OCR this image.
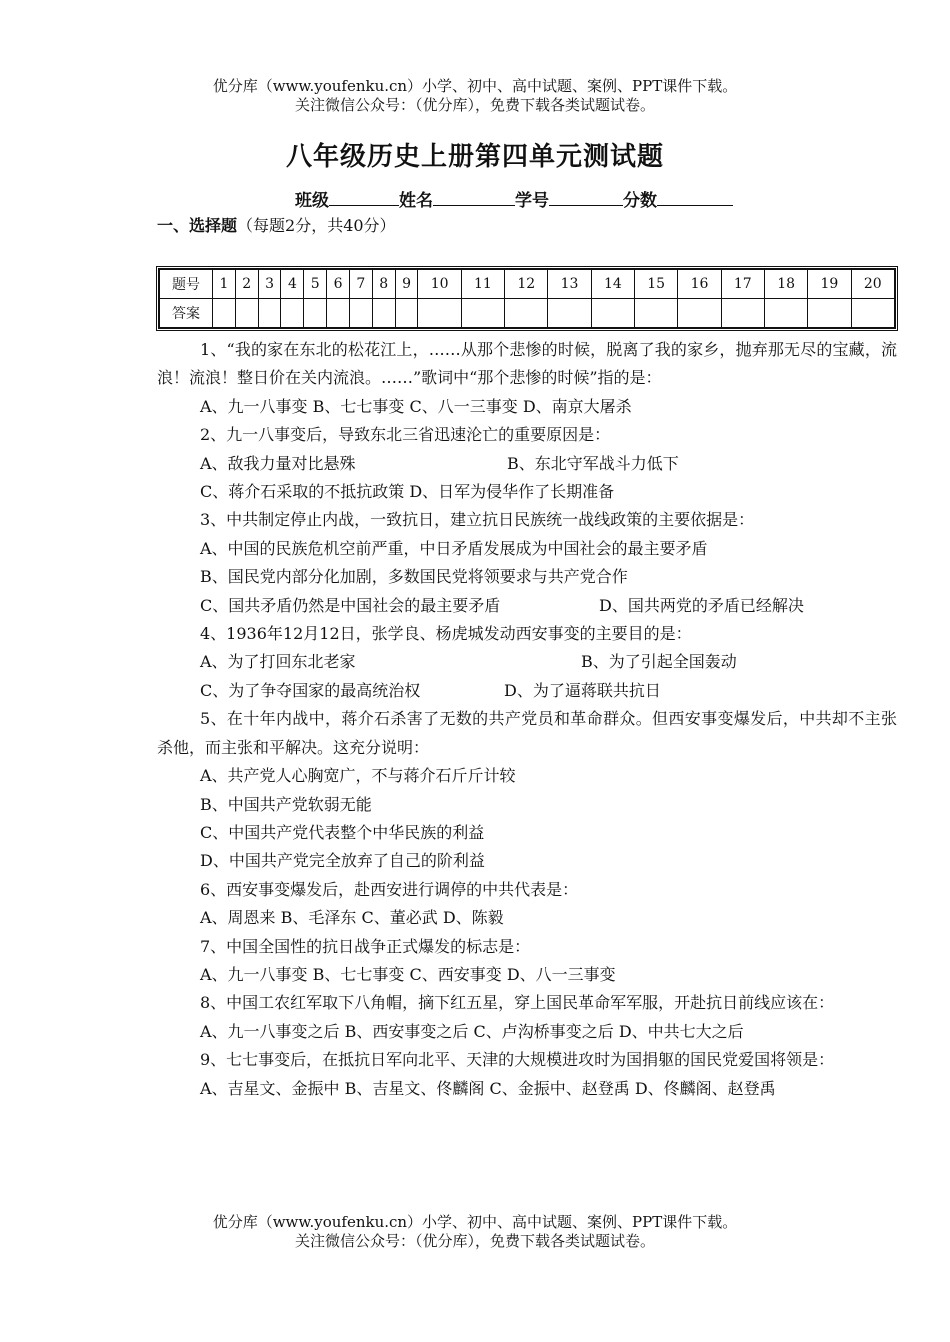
优分库（www.youfenku.cn）小学、初中、高中试题、案例、PPT课件下载。
关注微信公众号：（优分库），免费下载各类试题试卷。
八年级历史上册第四单元测试题
班级	姓名	学号	分数
一、选择题（每题2分，共40分）
题号	1	2	3	4	5	6	7	8	9	10	11	12	13	14	15	16	17	18	19	20
答案																				
1、“我的家在东北的松花江上，……从那个悲惨的时候，脱离了我的家乡，抛弃那无尽的宝藏，流浪！流浪！整日价在关内流浪。……”歌词中“那个悲惨的时候”指的是：
A、九一八事变 B、七七事变 C、八一三事变 D、南京大屠杀
2、九一八事变后，导致东北三省迅速沦亡的重要原因是：
A、敌我力量对比悬殊	B、东北守军战斗力低下
C、蒋介石采取的不抵抗政策 D、日军为侵华作了长期准备
3、中共制定停止内战，一致抗日，建立抗日民族统一战线政策的主要依据是：
A、中国的民族危机空前严重，中日矛盾发展成为中国社会的最主要矛盾
B、国民党内部分化加剧，多数国民党将领要求与共产党合作
C、国共矛盾仍然是中国社会的最主要矛盾	D、国共两党的矛盾已经解决
4、1936年12月12日，张学良、杨虎城发动西安事变的主要目的是：
A、为了打回东北老家	B、为了引起全国轰动
C、为了争夺国家的最高统治权	D、为了逼蒋联共抗日
5、在十年内战中，蒋介石杀害了无数的共产党员和革命群众。但西安事变爆发后，中共却不主张杀他，而主张和平解决。这充分说明：
A、共产党人心胸宽广，不与蒋介石斤斤计较
B、中国共产党软弱无能
C、中国共产党代表整个中华民族的利益
D、中国共产党完全放弃了自己的阶利益
6、西安事变爆发后，赴西安进行调停的中共代表是：
A、周恩来 B、毛泽东 C、董必武 D、陈毅
7、中国全国性的抗日战争正式爆发的标志是：
A、九一八事变 B、七七事变 C、西安事变 D、八一三事变
8、中国工农红军取下八角帽，摘下红五星，穿上国民革命军军服，开赴抗日前线应该在：
A、九一八事变之后 B、西安事变之后 C、卢沟桥事变之后 D、中共七大之后
9、七七事变后，在抵抗日军向北平、天津的大规模进攻时为国捐躯的国民党爱国将领是：
A、吉星文、金振中 B、吉星文、佟麟阁 C、金振中、赵登禹 D、佟麟阁、赵登禹
优分库（www.youfenku.cn）小学、初中、高中试题、案例、PPT课件下载。
关注微信公众号：（优分库），免费下载各类试题试卷。
